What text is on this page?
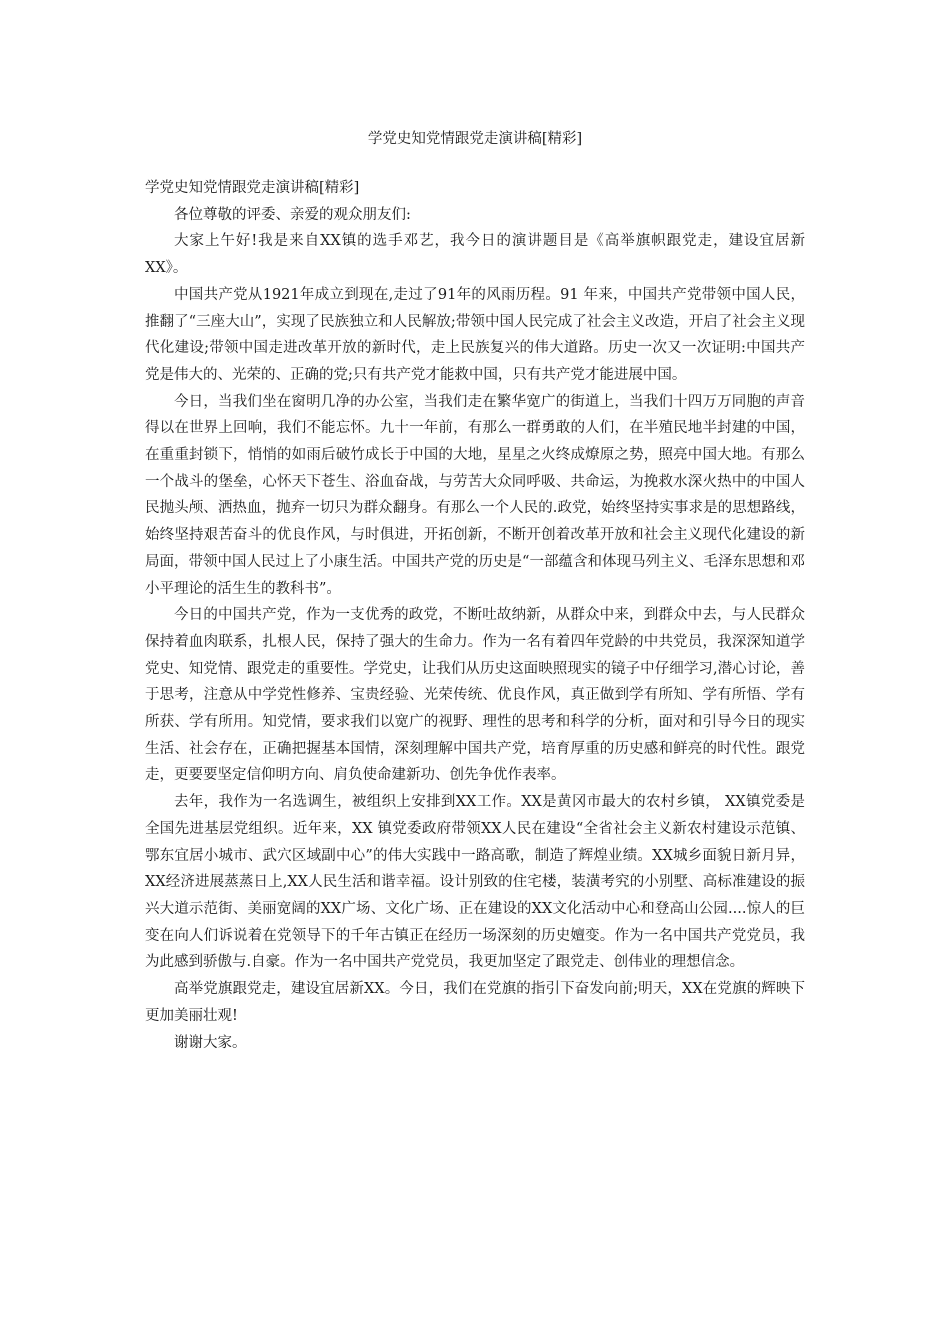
学党史知党情跟党走演讲稿[精彩]

学党史知党情跟党走演讲稿[精彩]

各位尊敬的评委、亲爱的观众朋友们:

大家上午好!我是来自XX镇的选手邓艺，我今日的演讲题目是《高举旗帜跟党走，建设宜居新XX》。

中国共产党从1921年成立到现在,走过了91年的风雨历程。91 年来，中国共产党带领中国人民，推翻了“三座大山”，实现了民族独立和人民解放;带领中国人民完成了社会主义改造，开启了社会主义现代化建设;带领中国走进改革开放的新时代，走上民族复兴的伟大道路。历史一次又一次证明:中国共产党是伟大的、光荣的、正确的党;只有共产党才能救中国，只有共产党才能进展中国。

今日，当我们坐在窗明几净的办公室，当我们走在繁华宽广的街道上，当我们十四万万同胞的声音得以在世界上回响，我们不能忘怀。九十一年前，有那么一群勇敢的人们，在半殖民地半封建的中国，在重重封锁下，悄悄的如雨后破竹成长于中国的大地，星星之火终成燎原之势，照亮中国大地。有那么一个战斗的堡垒，心怀天下苍生、浴血奋战，与劳苦大众同呼吸、共命运，为挽救水深火热中的中国人民抛头颅、洒热血，抛弃一切只为群众翻身。有那么一个人民的.政党，始终坚持实事求是的思想路线，始终坚持艰苦奋斗的优良作风，与时俱进，开拓创新，不断开创着改革开放和社会主义现代化建设的新局面，带领中国人民过上了小康生活。中国共产党的历史是“一部蕴含和体现马列主义、毛泽东思想和邓小平理论的活生生的教科书”。

今日的中国共产党，作为一支优秀的政党，不断吐故纳新，从群众中来，到群众中去，与人民群众保持着血肉联系，扎根人民，保持了强大的生命力。作为一名有着四年党龄的中共党员，我深深知道学党史、知党情、跟党走的重要性。学党史，让我们从历史这面映照现实的镜子中仔细学习,潜心讨论，善于思考，注意从中学党性修养、宝贵经验、光荣传统、优良作风，真正做到学有所知、学有所悟、学有所获、学有所用。知党情，要求我们以宽广的视野、理性的思考和科学的分析，面对和引导今日的现实生活、社会存在，正确把握基本国情，深刻理解中国共产党，培育厚重的历史感和鲜亮的时代性。跟党走，更要要坚定信仰明方向、肩负使命建新功、创先争优作表率。

去年，我作为一名选调生，被组织上安排到XX工作。XX是黄冈市最大的农村乡镇， XX镇党委是全国先进基层党组织。近年来，XX 镇党委政府带领XX人民在建设“全省社会主义新农村建设示范镇、鄂东宜居小城市、武穴区域副中心”的伟大实践中一路高歌，制造了辉煌业绩。XX城乡面貌日新月异，XX经济进展蒸蒸日上,XX人民生活和谐幸福。设计别致的住宅楼，装潢考究的小别墅、高标准建设的振兴大道示范街、美丽宽阔的XX广场、文化广场、正在建设的XX文化活动中心和登高山公园....惊人的巨变在向人们诉说着在党领导下的千年古镇正在经历一场深刻的历史嬗变。作为一名中国共产党党员，我为此感到骄傲与.自豪。作为一名中国共产党党员，我更加坚定了跟党走、创伟业的理想信念。

高举党旗跟党走，建设宜居新XX。今日，我们在党旗的指引下奋发向前;明天，XX在党旗的辉映下更加美丽壮观!

谢谢大家。
